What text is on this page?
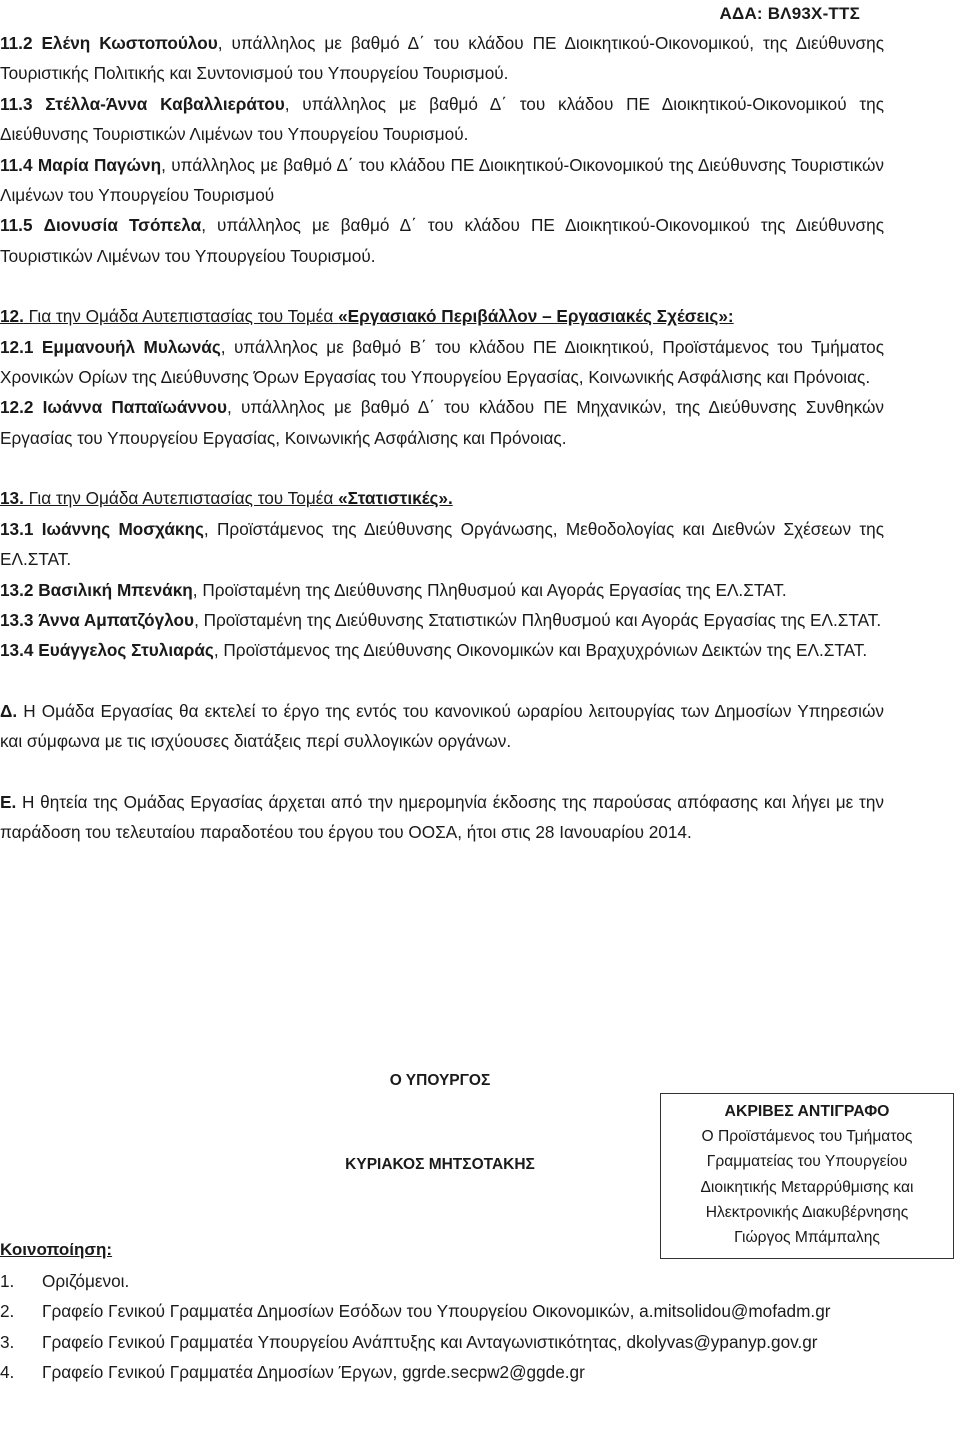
ΑΔΑ: ΒΛ93Χ-ΤΤΣ

11.2 Ελένη Κωστοπούλου, υπάλληλος με βαθμό Δ΄ του κλάδου ΠΕ Διοικητικού-Οικονομικού, της Διεύθυνσης Τουριστικής Πολιτικής και Συντονισμού του Υπουργείου Τουρισμού.

11.3 Στέλλα-Άννα Καβαλλιεράτου, υπάλληλος με βαθμό Δ΄ του κλάδου ΠΕ Διοικητικού-Οικονομικού της Διεύθυνσης Τουριστικών Λιμένων του Υπουργείου Τουρισμού.

11.4 Μαρία Παγώνη, υπάλληλος με βαθμό Δ΄ του κλάδου ΠΕ Διοικητικού-Οικονομικού της Διεύθυνσης Τουριστικών Λιμένων του Υπουργείου Τουρισμού

11.5 Διονυσία Τσόπελα, υπάλληλος με βαθμό Δ΄ του κλάδου ΠΕ Διοικητικού-Οικονομικού της Διεύθυνσης Τουριστικών Λιμένων του Υπουργείου Τουρισμού.

12. Για την Ομάδα Αυτεπιστασίας του Τομέα «Εργασιακό Περιβάλλον – Εργασιακές Σχέσεις»:

12.1 Εμμανουήλ Μυλωνάς, υπάλληλος με βαθμό Β΄ του κλάδου ΠΕ Διοικητικού, Προϊστάμενος του Τμήματος Χρονικών Ορίων της Διεύθυνσης Όρων Εργασίας του Υπουργείου Εργασίας, Κοινωνικής Ασφάλισης και Πρόνοιας.

12.2 Ιωάννα Παπαϊωάννου, υπάλληλος με βαθμό Δ΄ του κλάδου ΠΕ Μηχανικών, της Διεύθυνσης Συνθηκών Εργασίας του Υπουργείου Εργασίας, Κοινωνικής Ασφάλισης και Πρόνοιας.

13. Για την Ομάδα Αυτεπιστασίας του Τομέα «Στατιστικές».

13.1 Ιωάννης Μοσχάκης, Προϊστάμενος της Διεύθυνσης Οργάνωσης, Μεθοδολογίας και Διεθνών Σχέσεων της ΕΛ.ΣΤΑΤ.

13.2 Βασιλική Μπενάκη, Προϊσταμένη της Διεύθυνσης Πληθυσμού και Αγοράς Εργασίας της ΕΛ.ΣΤΑΤ.

13.3 Άννα Αμπατζόγλου, Προϊσταμένη της Διεύθυνσης Στατιστικών Πληθυσμού και Αγοράς Εργασίας της ΕΛ.ΣΤΑΤ.

13.4 Ευάγγελος Στυλιαράς, Προϊστάμενος της Διεύθυνσης Οικονομικών και Βραχυχρόνιων Δεικτών της ΕΛ.ΣΤΑΤ.

Δ. Η Ομάδα Εργασίας θα εκτελεί το έργο της εντός του κανονικού ωραρίου λειτουργίας των Δημοσίων Υπηρεσιών και σύμφωνα με τις ισχύουσες διατάξεις περί συλλογικών οργάνων.

Ε. Η θητεία της Ομάδας Εργασίας άρχεται από την ημερομηνία έκδοσης της παρούσας απόφασης και λήγει με την παράδοση του τελευταίου παραδοτέου του έργου του ΟΟΣΑ, ήτοι στις 28 Ιανουαρίου 2014.

Ο ΥΠΟΥΡΓΟΣ
ΚΥΡΙΑΚΟΣ ΜΗΤΣΟΤΑΚΗΣ
ΑΚΡΙΒΕΣ ΑΝΤΙΓΡΑΦΟ
Ο Προϊστάμενος του Τμήματος
Γραμματείας του Υπουργείου
Διοικητικής Μεταρρύθμισης και
Ηλεκτρονικής Διακυβέρνησης
Γιώργος Μπάμπαλης
Κοινοποίηση:
1.	Οριζόμενοι.
2.	Γραφείο Γενικού Γραμματέα Δημοσίων Εσόδων του Υπουργείου Οικονομικών, a.mitsolidou@mofadm.gr
3.	Γραφείο Γενικού Γραμματέα Υπουργείου Ανάπτυξης και Ανταγωνιστικότητας, dkolyvas@ypanyp.gov.gr
4.	Γραφείο Γενικού Γραμματέα Δημοσίων Έργων, ggrde.secpw2@ggde.gr
